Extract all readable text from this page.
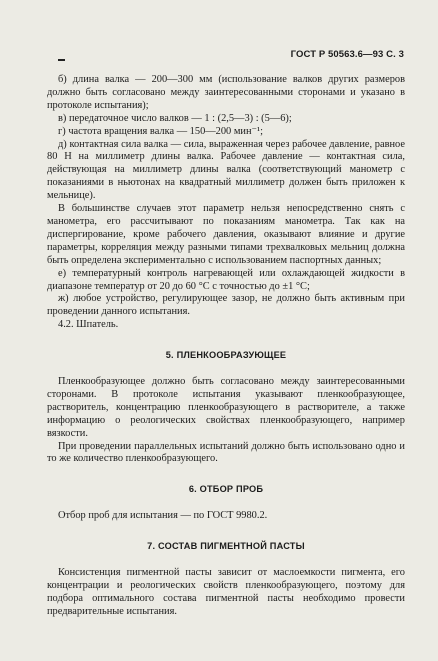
ГОСТ Р 50563.6—93 С. 3

б) длина валка — 200—300 мм (использование валков других размеров должно быть согласовано между заинтересованными сторонами и указано в протоколе испытания);

в) передаточное число валков — 1 : (2,5—3) : (5—6);

г) частота вращения валка — 150—200 мин⁻¹;

д) контактная сила валка — сила, выраженная через рабочее давление, равное 80 Н на миллиметр длины валка. Рабочее давление — контактная сила, действующая на миллиметр длины валка (соответствующий манометр с показаниями в ньютонах на квадратный миллиметр должен быть приложен к мельнице).

В большинстве случаев этот параметр нельзя непосредственно снять с манометра, его рассчитывают по показаниям манометра. Так как на диспергирование, кроме рабочего давления, оказывают влияние и другие параметры, корреляция между разными типами трехвалковых мельниц должна быть определена экспериментально с использованием паспортных данных;

е) температурный контроль нагревающей или охлаждающей жидкости в диапазоне температур от 20 до 60 °С с точностью до ±1 °С;

ж) любое устройство, регулирующее зазор, не должно быть активным при проведении данного испытания.

4.2. Шпатель.

5. ПЛЕНКООБРАЗУЮЩЕЕ

Пленкообразующее должно быть согласовано между заинтересованными сторонами. В протоколе испытания указывают пленкообразующее, растворитель, концентрацию пленкообразующего в растворителе, а также информацию о реологических свойствах пленкообразующего, например вязкости.

При проведении параллельных испытаний должно быть использовано одно и то же количество пленкообразующего.

6. ОТБОР ПРОБ

Отбор проб для испытания — по ГОСТ 9980.2.

7. СОСТАВ ПИГМЕНТНОЙ ПАСТЫ

Консистенция пигментной пасты зависит от маслоемкости пигмента, его концентрации и реологических свойств пленкообразующего, поэтому для подбора оптимального состава пигментной пасты необходимо провести предварительные испытания.
